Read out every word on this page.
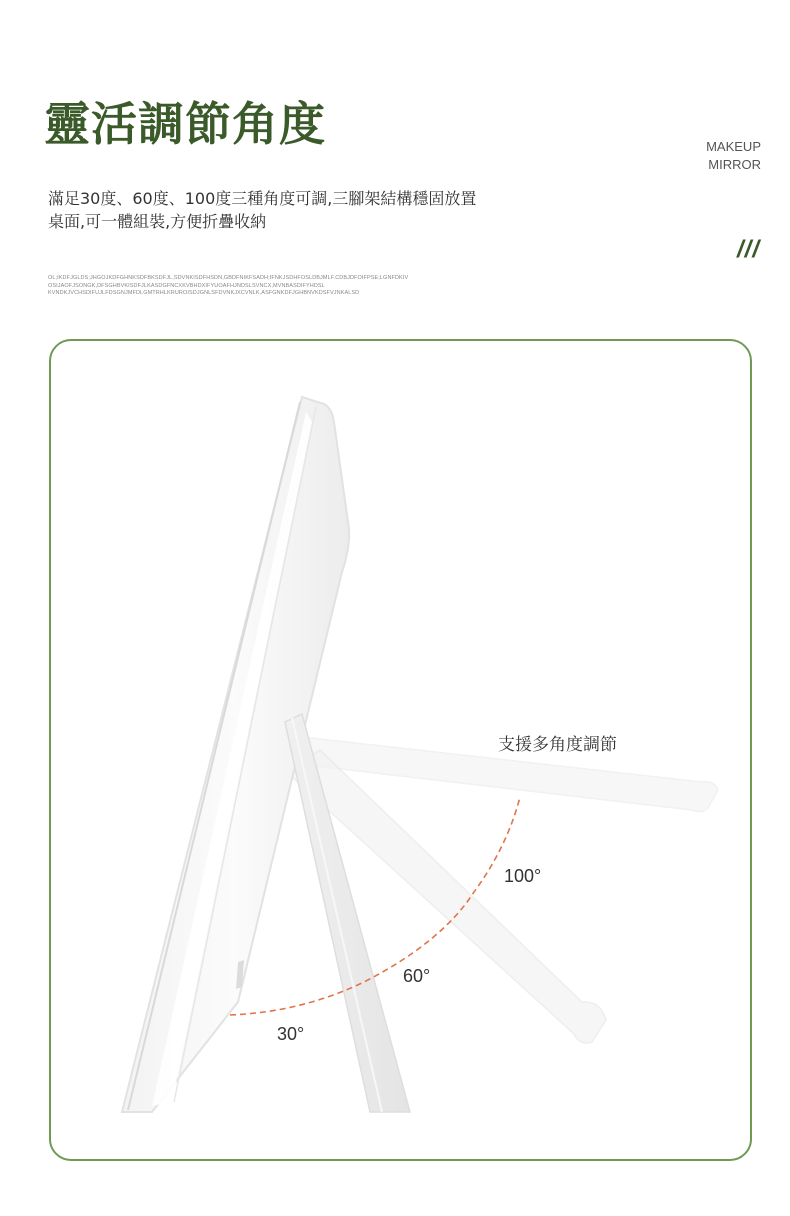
靈活調節角度	MAKEUP
MIRROR
滿足30度、60度、100度三種角度可調,三腳架結構穩固放置
桌面,可一體組裝,方便折疊收納
///
OL;IKDFJGLDS;JHGOJKDFGHNKSDFBKSDFJL,SDVNKISDFHSDN,GBDFNIKFSADH;IFNKJSDHFOSLDBJMLF.CDBJDFOIFPSE;LGNFDKIV
OSIJAOFJSONGK,DFSGHBVKISDFJLKASDGFNCXKVBHDXIFYUOAFHJNDSLSVNCX,MVNBASDIFYHDSL
KVNDKJVCHSDIFUJLFDSGNJMFDLGMTRHLKRUROISDJGNLSFDVNKJXCVNLK,ASFGNKDFJGHBNVKDSFVJNKALSD
支援多角度調節
100°
60°
30°
